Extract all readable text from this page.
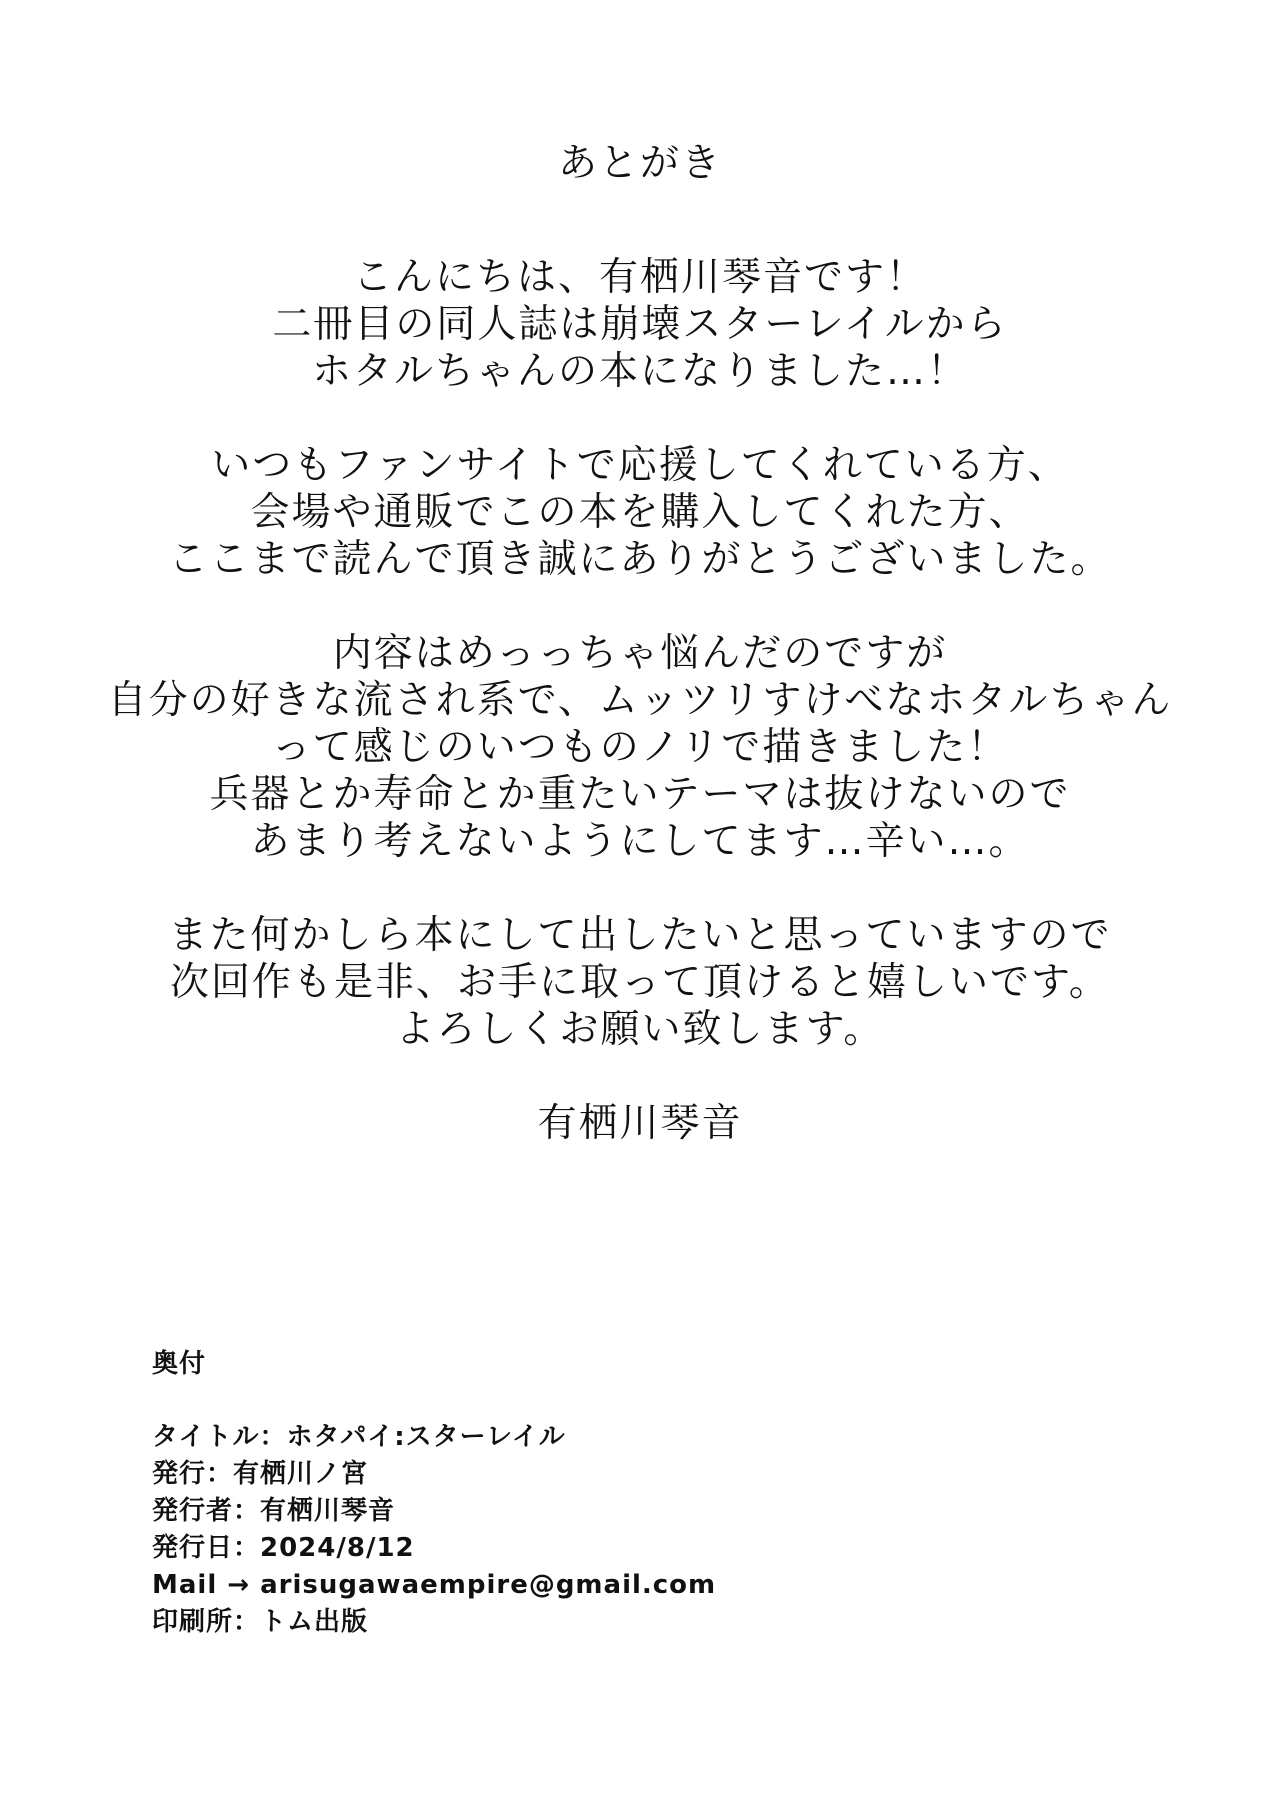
あとがき
こんにちは、有栖川琴音です！
二冊目の同人誌は崩壊スターレイルから
ホタルちゃんの本になりました…！
いつもファンサイトで応援してくれている方、
会場や通販でこの本を購入してくれた方、
ここまで読んで頂き誠にありがとうございました。
内容はめっっちゃ悩んだのですが
自分の好きな流され系で、ムッツリすけべなホタルちゃん
って感じのいつものノリで描きました！
兵器とか寿命とか重たいテーマは抜けないので
あまり考えないようにしてます…辛い…。
また何かしら本にして出したいと思っていますので
次回作も是非、お手に取って頂けると嬉しいです。
よろしくお願い致します。
有栖川琴音
奥付
タイトル：ホタパイ:スターレイル
発行：有栖川ノ宮
発行者：有栖川琴音
発行日：2024/8/12
Mail → arisugawaempire@gmail.com
印刷所：トム出版
